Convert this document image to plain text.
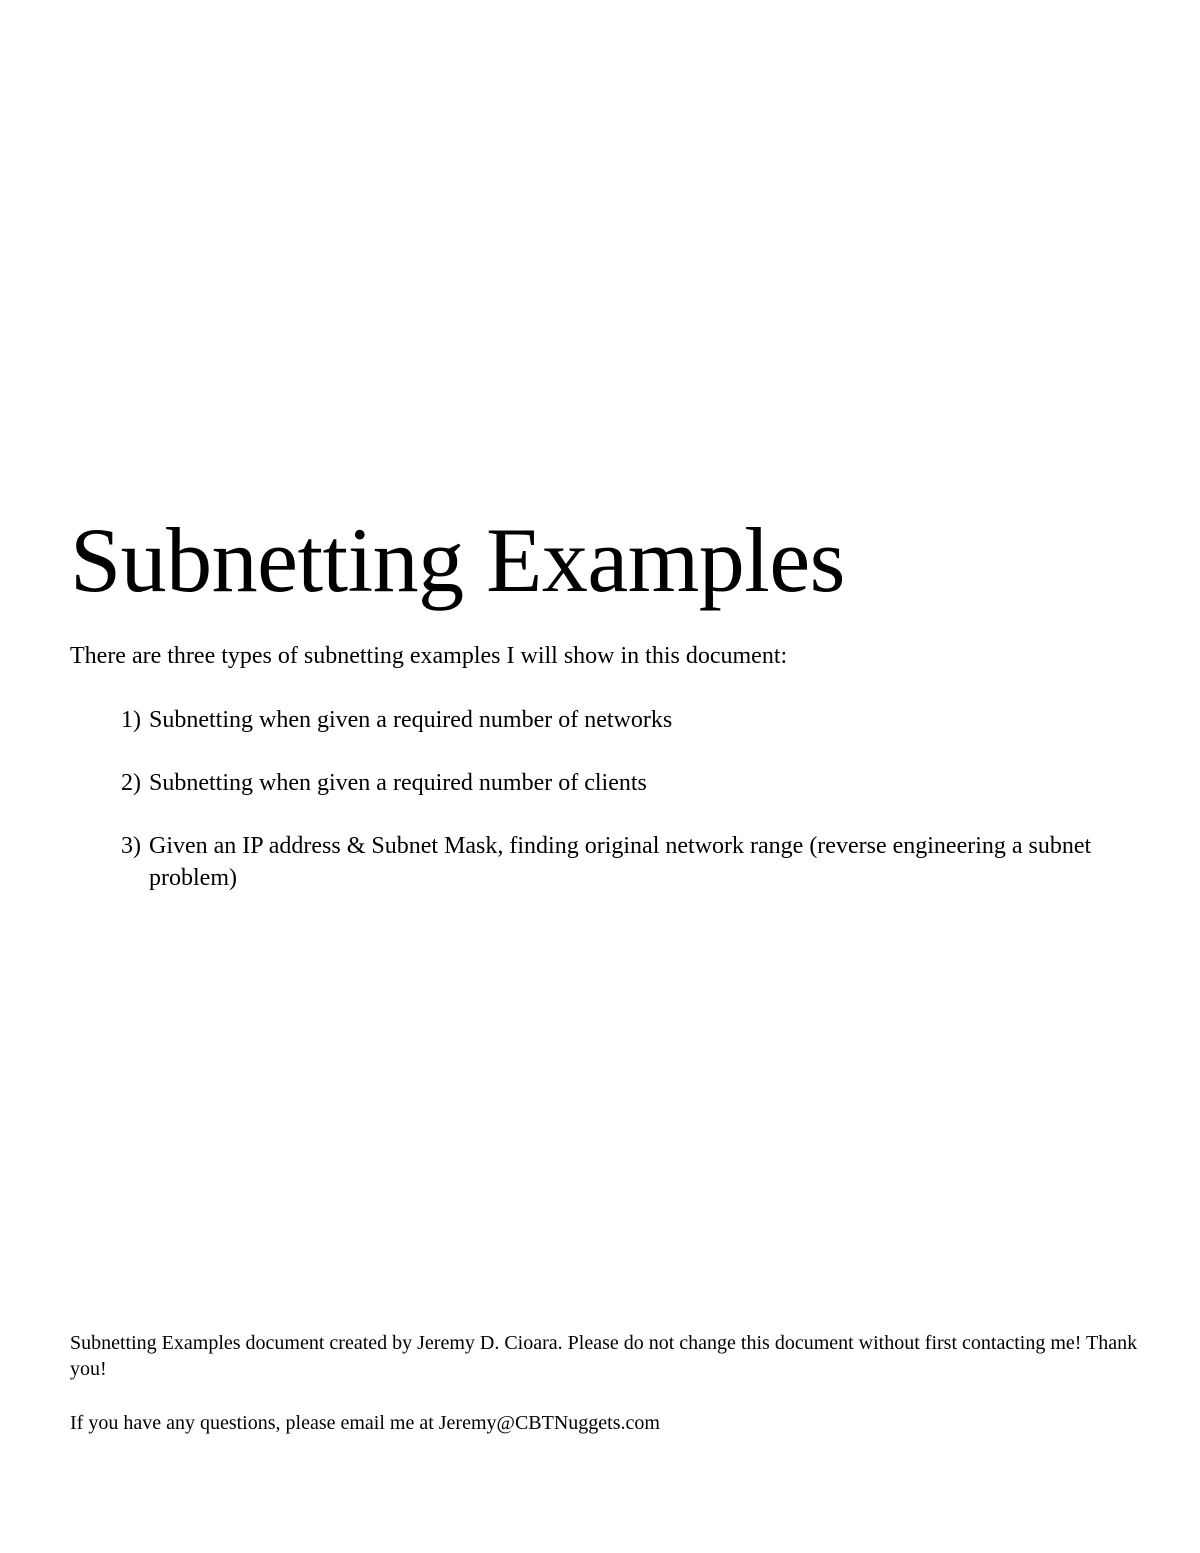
Subnetting Examples

There are three types of subnetting examples I will show in this document:

1) Subnetting when given a required number of networks
2) Subnetting when given a required number of clients
3) Given an IP address & Subnet Mask, finding original network range (reverse engineering a subnet problem)

Subnetting Examples document created by Jeremy D. Cioara. Please do not change this document without first contacting me! Thank you!

If you have any questions, please email me at Jeremy@CBTNuggets.com
